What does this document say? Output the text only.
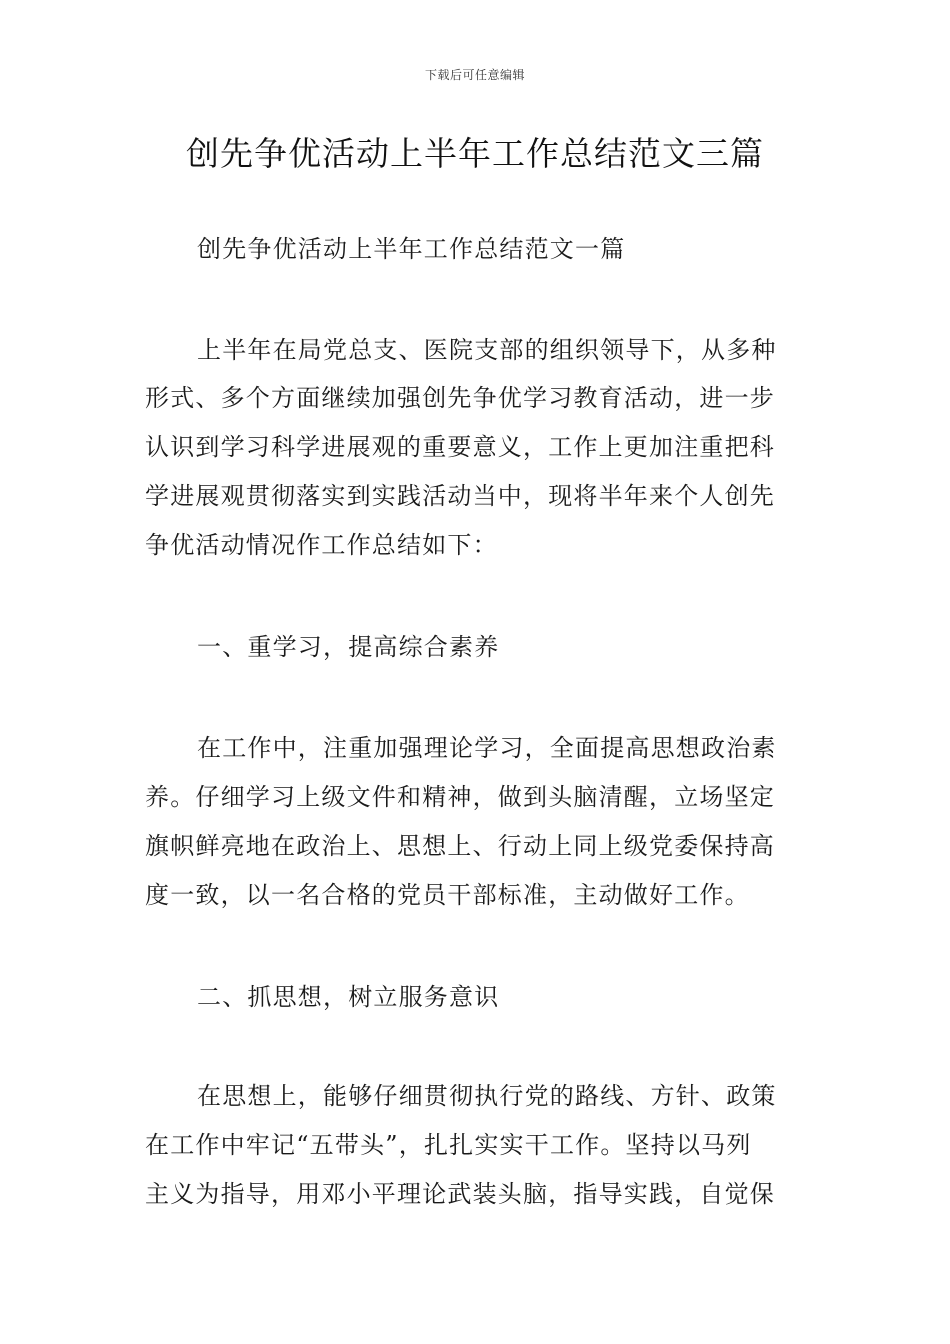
下载后可任意编辑
创先争优活动上半年工作总结范文三篇
创先争优活动上半年工作总结范文一篇
上半年在局党总支、医院支部的组织领导下，从多种
形式、多个方面继续加强创先争优学习教育活动，进一步
认识到学习科学进展观的重要意义，工作上更加注重把科
学进展观贯彻落实到实践活动当中，现将半年来个人创先
争优活动情况作工作总结如下：
一、重学习，提高综合素养
在工作中，注重加强理论学习，全面提高思想政治素
养。仔细学习上级文件和精神，做到头脑清醒，立场坚定
旗帜鲜亮地在政治上、思想上、行动上同上级党委保持高
度一致，以一名合格的党员干部标准，主动做好工作。
二、抓思想，树立服务意识
在思想上，能够仔细贯彻执行党的路线、方针、政策
在工作中牢记“五带头”，扎扎实实干工作。坚持以马列
主义为指导，用邓小平理论武装头脑，指导实践，自觉保
